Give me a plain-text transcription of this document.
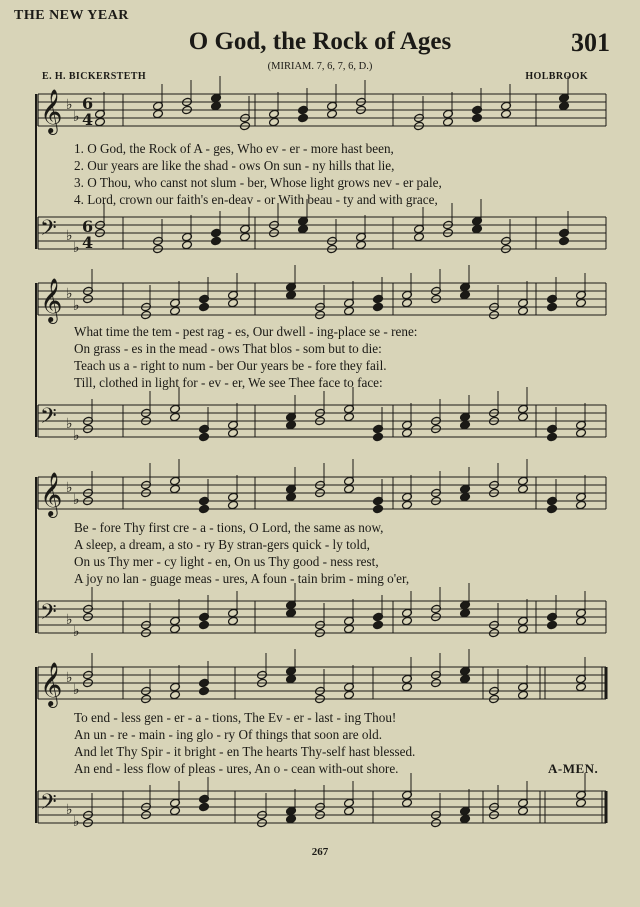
THE NEW YEAR
O God, the Rock of Ages	301
(MIRIAM. 7, 6, 7, 6, D.)
E. H. BICKERSTETH	HOLBROOK
𝄞 ♭
♭
6
4
𝄞 ♭
♭
𝄞 ♭
♭
𝄞 ♭
♭
𝄢 ♭
♭
6
4
𝄢 ♭
♭
𝄢 ♭
♭
𝄢 ♭
♭
1. O God, the Rock of A - ges, Who ev - er - more hast been,
2. Our years are like the shad - ows On sun - ny hills that lie,
3. O Thou, who canst not slum - ber, Whose light grows nev - er pale,
4. Lord, crown our faith's en-deav - or With beau - ty and with grace,
What time the tem - pest rag - es, Our dwell - ing-place se - rene:
On grass - es in the mead - ows That blos - som but to die:
Teach us a - right to num - ber Our years be - fore they fail.
Till, clothed in light for - ev - er, We see Thee face to face:
Be - fore Thy first cre - a - tions, O Lord, the same as now,
A sleep, a dream, a sto - ry By stran-gers quick - ly told,
On us Thy mer - cy light - en, On us Thy good - ness rest,
A joy no lan - guage meas - ures, A foun - tain brim - ming o'er,
To end - less gen - er - a - tions, The Ev - er - last - ing Thou!
An un - re - main - ing glo - ry Of things that soon are old.
And let Thy Spir - it bright - en The hearts Thy-self hast blessed.
An end - less flow of pleas - ures, An o - cean with-out shore.	A-MEN.
267
